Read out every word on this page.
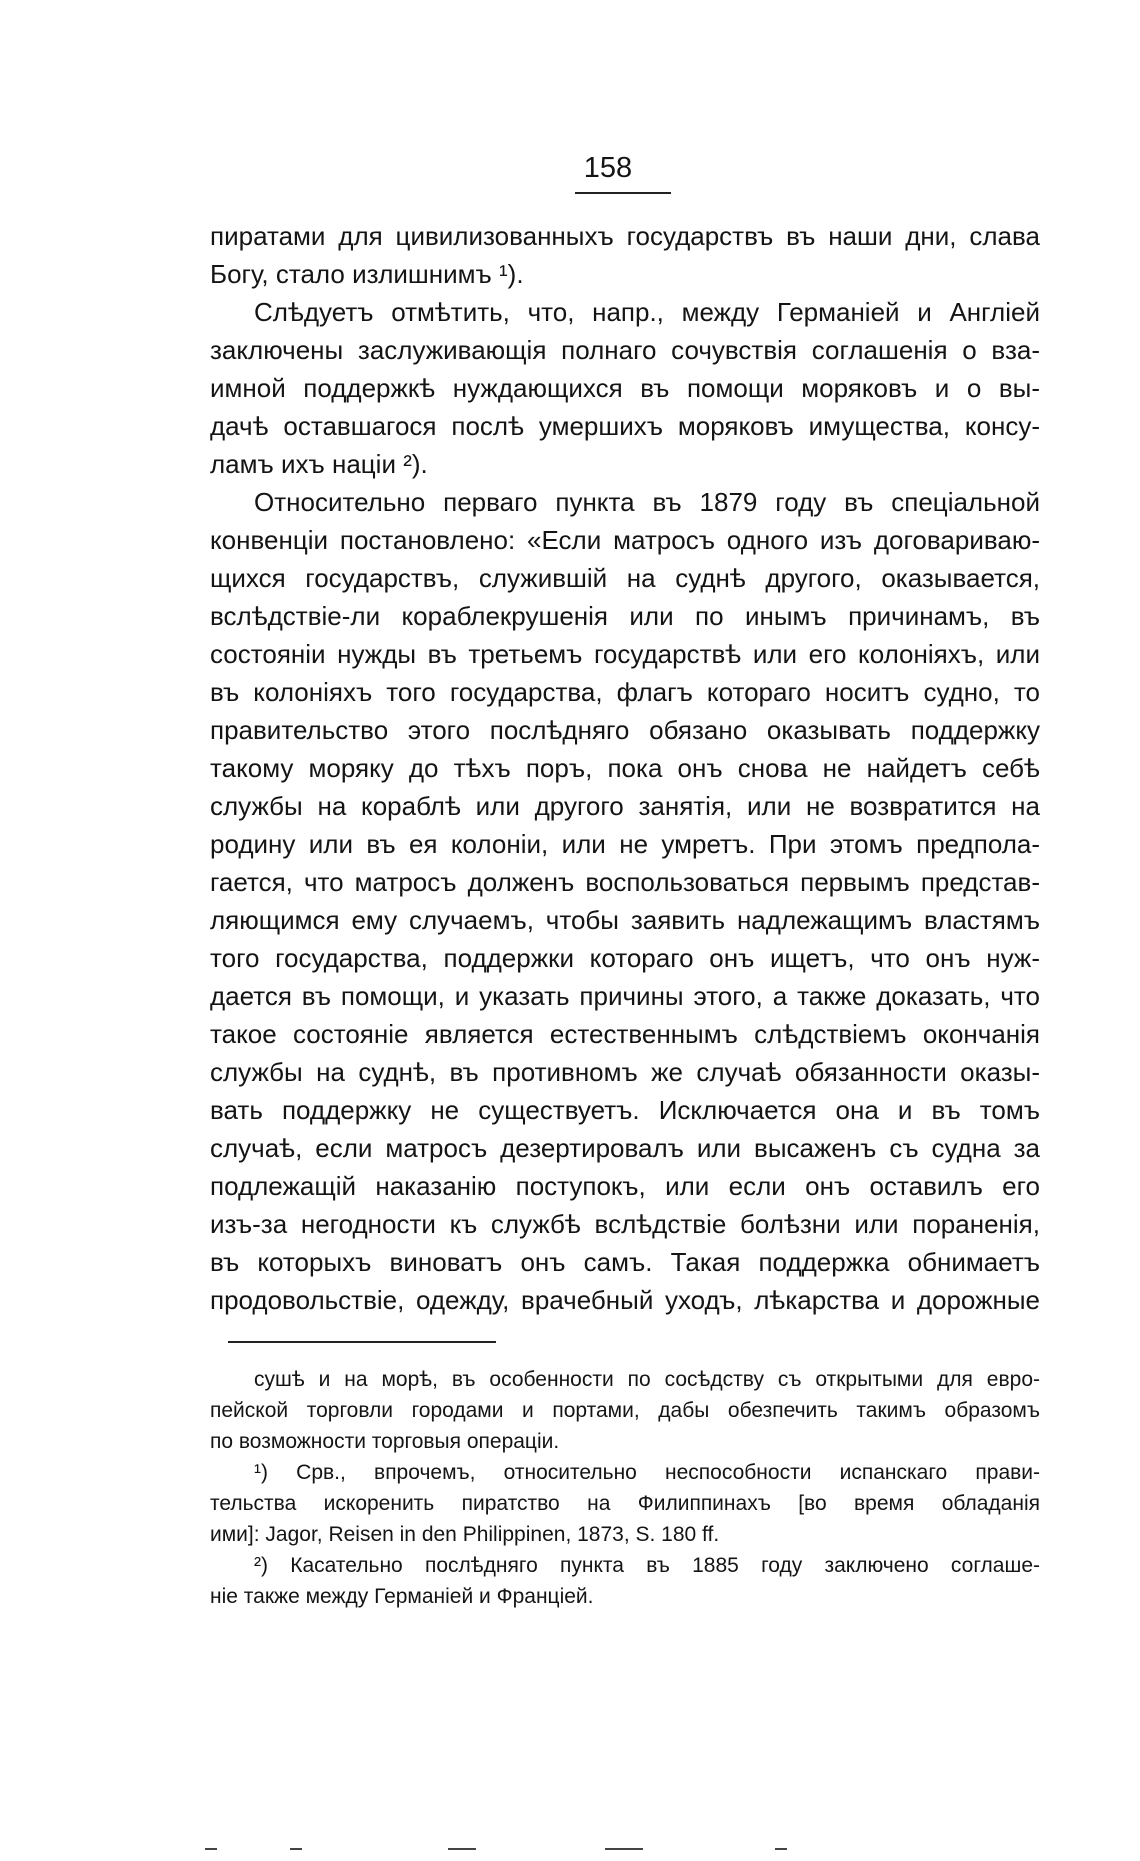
158
пиратами для цивилизованныхъ государствъ въ наши дни, слава
Богу, стало излишнимъ ¹).
Слѣдуетъ отмѣтить, что, напр., между Германіей и Англіей
заключены заслуживающія полнаго сочувствія соглашенія о вза-
имной поддержкѣ нуждающихся въ помощи моряковъ и о вы-
дачѣ оставшагося послѣ умершихъ моряковъ имущества, консу-
ламъ ихъ націи ²).
Относительно перваго пункта въ 1879 году въ спеціальной
конвенціи постановлено: «Если матросъ одного изъ договариваю-
щихся государствъ, служившій на суднѣ другого, оказывается,
вслѣдствіе-ли кораблекрушенія или по инымъ причинамъ, въ
состояніи нужды въ третьемъ государствѣ или его колоніяхъ, или
въ колоніяхъ того государства, флагъ котораго носитъ судно, то
правительство этого послѣдняго обязано оказывать поддержку
такому моряку до тѣхъ поръ, пока онъ снова не найдетъ себѣ
службы на кораблѣ или другого занятія, или не возвратится на
родину или въ ея колоніи, или не умретъ. При этомъ предпола-
гается, что матросъ долженъ воспользоваться первымъ представ-
ляющимся ему случаемъ, чтобы заявить надлежащимъ властямъ
того государства, поддержки котораго онъ ищетъ, что онъ нуж-
дается въ помощи, и указать причины этого, а также доказать, что
такое состояніе является естественнымъ слѣдствіемъ окончанія
службы на суднѣ, въ противномъ же случаѣ обязанности оказы-
вать поддержку не существуетъ. Исключается она и въ томъ
случаѣ, если матросъ дезертировалъ или высаженъ съ судна за
подлежащій наказанію поступокъ, или если онъ оставилъ его
изъ-за негодности къ службѣ вслѣдствіе болѣзни или пораненія,
въ которыхъ виноватъ онъ самъ. Такая поддержка обнимаетъ
продовольствіе, одежду, врачебный уходъ, лѣкарства и дорожные
сушѣ и на морѣ, въ особенности по сосѣдству съ открытыми для евро-
пейской торговли городами и портами, дабы обезпечить такимъ образомъ
по возможности торговыя операціи.
¹) Срв., впрочемъ, относительно неспособности испанскаго прави-
тельства искоренить пиратство на Филиппинахъ [во время обладанія
ими]: Jagor, Reisen in den Philippinen, 1873, S. 180 ff.
²) Касательно послѣдняго пункта въ 1885 году заключено соглаше-
ніе также между Германіей и Франціей.
